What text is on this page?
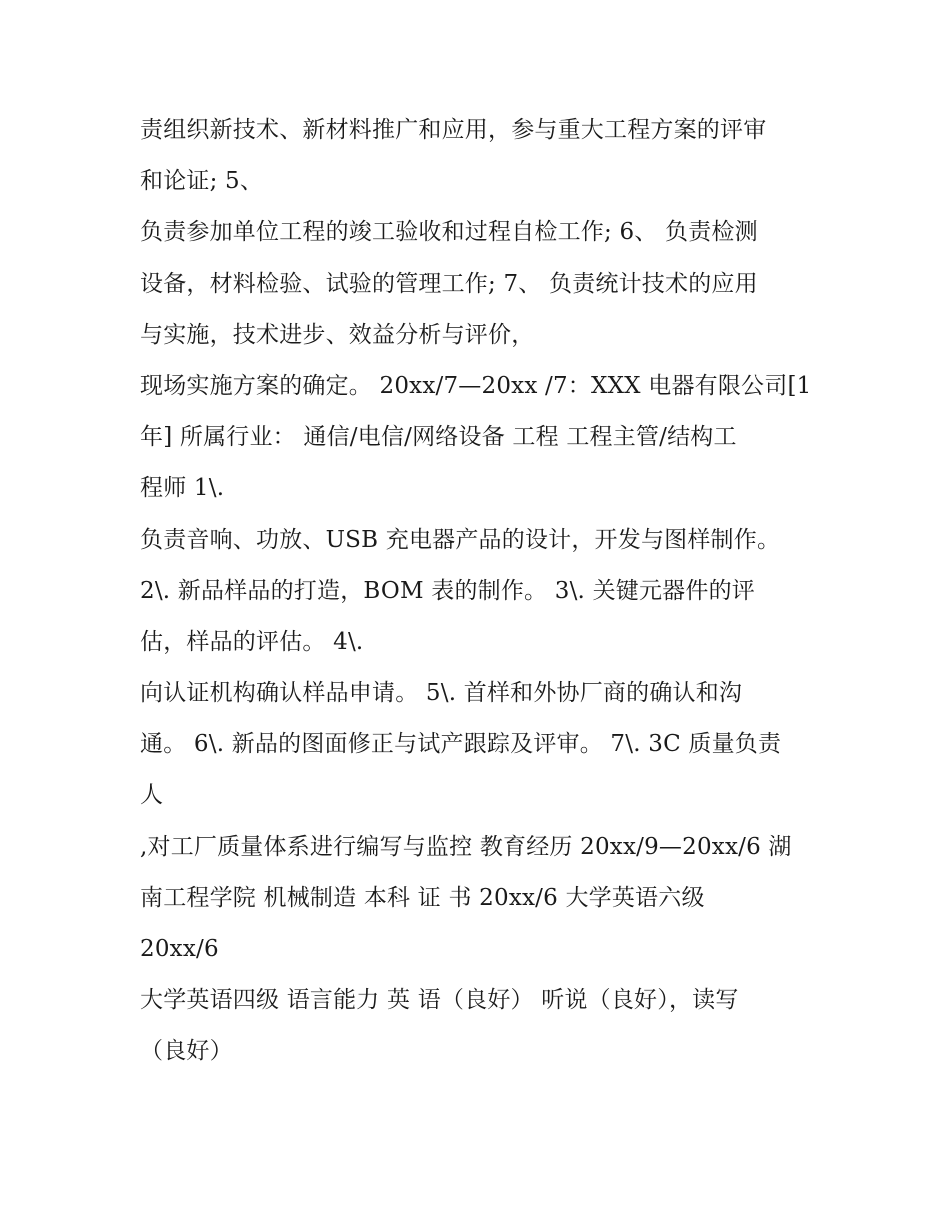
责组织新技术、新材料推广和应用，参与重大工程方案的评审
和论证; 5、
负责参加单位工程的竣工验收和过程自检工作; 6、 负责检测
设备，材料检验、试验的管理工作; 7、 负责统计技术的应用
与实施，技术进步、效益分析与评价，
现场实施方案的确定。 20xx/7—20xx /7：XXX 电器有限公司[1
年] 所属行业： 通信/电信/网络设备 工程 工程主管/结构工
程师 1\.
负责音响、功放、USB 充电器产品的设计，开发与图样制作。
2\. 新品样品的打造，BOM 表的制作。 3\. 关键元器件的评
估，样品的评估。 4\.
向认证机构确认样品申请。 5\. 首样和外协厂商的确认和沟
通。 6\. 新品的图面修正与试产跟踪及评审。 7\. 3C 质量负责
人
,对工厂质量体系进行编写与监控 教育经历 20xx/9—20xx/6 湖
南工程学院 机械制造 本科 证 书 20xx/6 大学英语六级
20xx/6
大学英语四级 语言能力 英 语（良好） 听说（良好），读写
（良好）
